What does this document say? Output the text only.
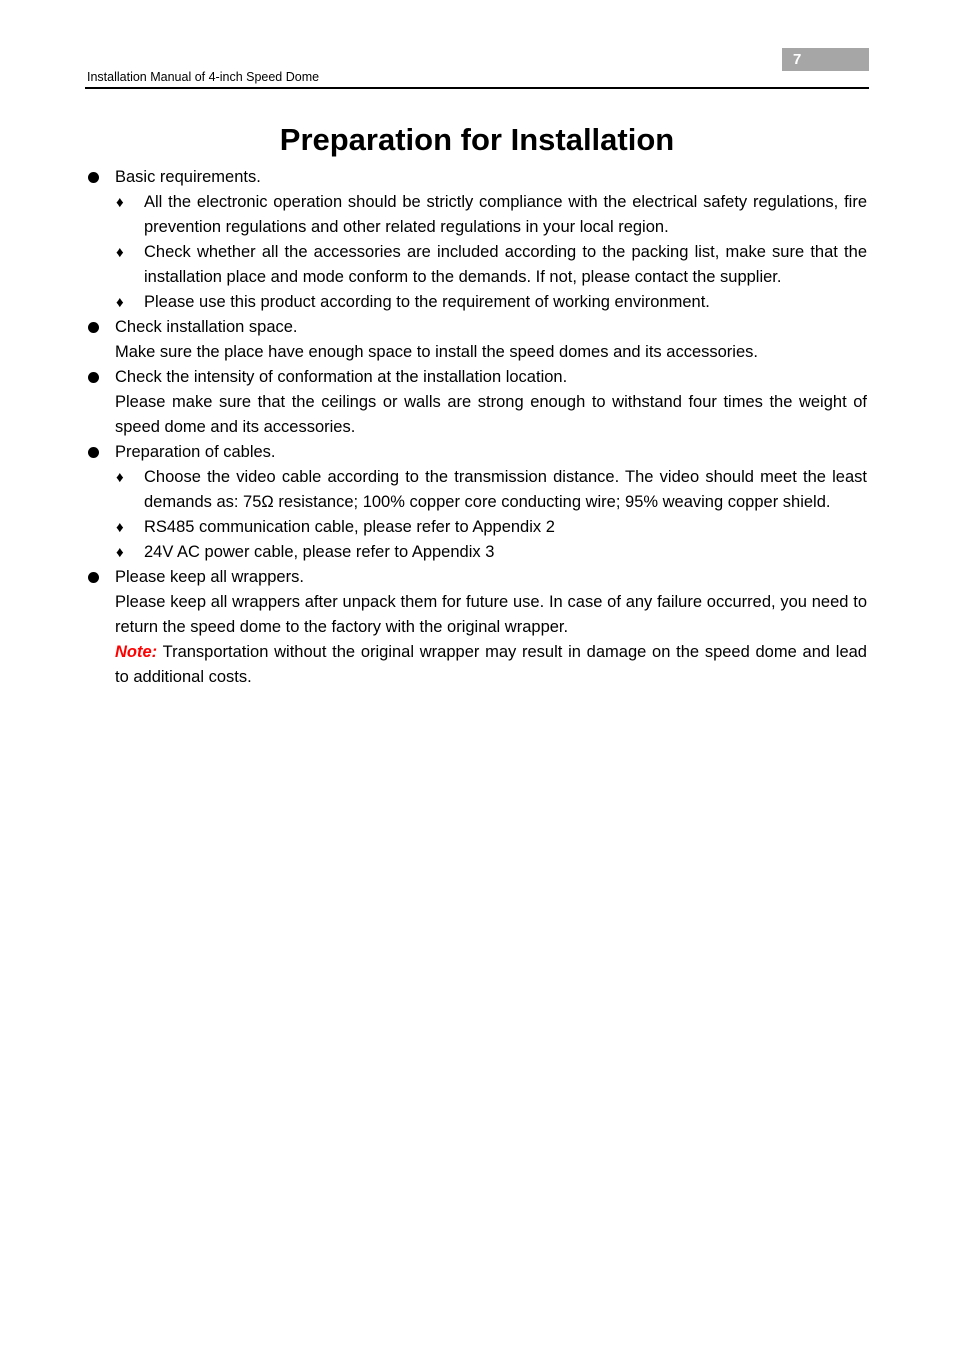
7
Installation Manual of 4-inch Speed Dome
Preparation for Installation
Basic requirements.
♦ All the electronic operation should be strictly compliance with the electrical safety regulations, fire prevention regulations and other related regulations in your local region.
♦ Check whether all the accessories are included according to the packing list, make sure that the installation place and mode conform to the demands. If not, please contact the supplier.
♦ Please use this product according to the requirement of working environment.
Check installation space.
Make sure the place have enough space to install the speed domes and its accessories.
Check the intensity of conformation at the installation location.
Please make sure that the ceilings or walls are strong enough to withstand four times the weight of speed dome and its accessories.
Preparation of cables.
♦ Choose the video cable according to the transmission distance. The video should meet the least demands as: 75Ω resistance; 100% copper core conducting wire; 95% weaving copper shield.
♦ RS485 communication cable, please refer to Appendix 2
♦ 24V AC power cable, please refer to Appendix 3
Please keep all wrappers.
Please keep all wrappers after unpack them for future use. In case of any failure occurred, you need to return the speed dome to the factory with the original wrapper.
Note: Transportation without the original wrapper may result in damage on the speed dome and lead to additional costs.
